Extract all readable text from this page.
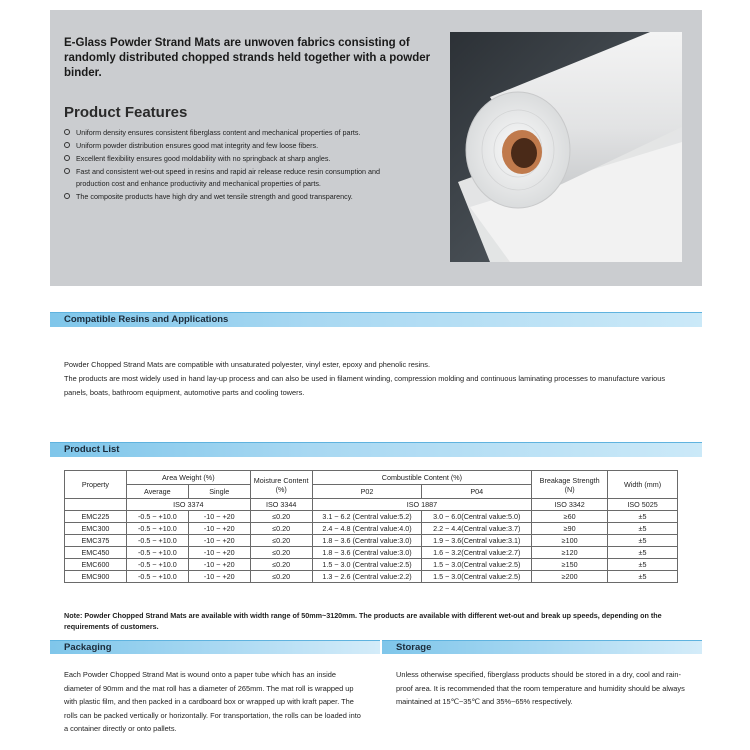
E-Glass Powder Strand Mats are unwoven fabrics consisting of randomly distributed chopped strands held together with a powder binder.

Product Features
Uniform density ensures consistent fiberglass content and mechanical properties of parts.
Uniform powder distribution ensures good mat integrity and few loose fibers.
Excellent flexibility ensures good moldability with no springback at sharp angles.
Fast and consistent wet-out speed in resins and rapid air release reduce resin consumption and production cost and enhance productivity and mechanical properties of parts.
The composite products have high dry and wet tensile strength and good transparency.
Compatible Resins and Applications

Powder Chopped Strand Mats are compatible with unsaturated polyester, vinyl ester, epoxy and phenolic resins.
The products are most widely used in hand lay-up process and can also be used in filament winding, compression molding and continuous laminating processes to manufacture various panels, boats, bathroom equipment, automotive parts and cooling towers.

Product List
Property	Area Weight (%)		Moisture Content (%)	Combustible Content (%)		Breakage Strength (N)	Width (mm)
	Average	Single		P02	P04		
	ISO 3374		ISO 3344	ISO 1887		ISO 3342	ISO 5025
EMC225	-0.5 ~ +10.0	-10 ~ +20	≤0.20	3.1 ~ 6.2 (Central value:5.2)	3.0 ~ 6.0(Central value:5.0)	≥60	±5
EMC300	-0.5 ~ +10.0	-10 ~ +20	≤0.20	2.4 ~ 4.8 (Central value:4.0)	2.2 ~ 4.4(Central value:3.7)	≥90	±5
EMC375	-0.5 ~ +10.0	-10 ~ +20	≤0.20	1.8 ~ 3.6 (Central value:3.0)	1.9 ~ 3.6(Central value:3.1)	≥100	±5
EMC450	-0.5 ~ +10.0	-10 ~ +20	≤0.20	1.8 ~ 3.6 (Central value:3.0)	1.6 ~ 3.2(Central value:2.7)	≥120	±5
EMC600	-0.5 ~ +10.0	-10 ~ +20	≤0.20	1.5 ~ 3.0 (Central value:2.5)	1.5 ~ 3.0(Central value:2.5)	≥150	±5
EMC900	-0.5 ~ +10.0	-10 ~ +20	≤0.20	1.3 ~ 2.6 (Central value:2.2)	1.5 ~ 3.0(Central value:2.5)	≥200	±5

Note: Powder Chopped Strand Mats are available with width range of 50mm~3120mm. The products are available with different wet-out and break up speeds, depending on the requirements of customers.

Packaging	Storage

Each Powder Chopped Strand Mat is wound onto a paper tube which has an inside diameter of 90mm and the mat roll has a diameter of 265mm. The mat roll is wrapped up with plastic film, and then packed in a cardboard box or wrapped up with kraft paper. The rolls can be packed vertically or horizontally. For transportation, the rolls can be loaded into a container directly or onto pallets.

Unless otherwise specified, fiberglass products should be stored in a dry, cool and rain-proof area. It is recommended that the room temperature and humidity should be always maintained at 15℃~35℃ and 35%~65% respectively.
